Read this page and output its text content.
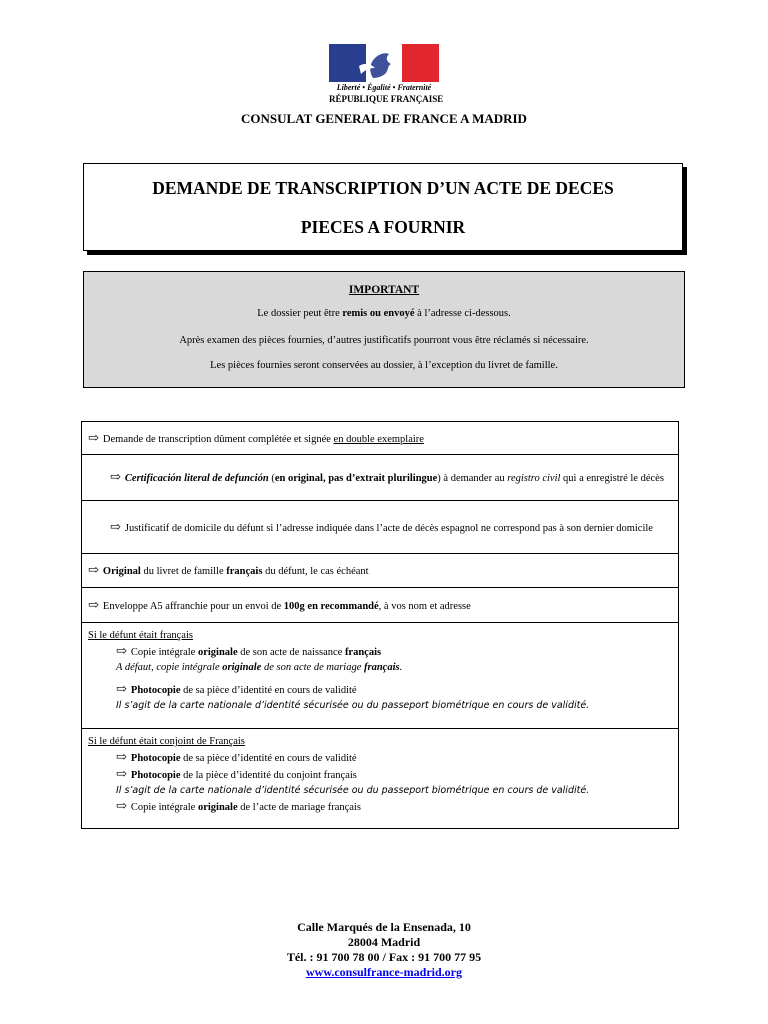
Liberté • Égalité • Fraternité
RÉPUBLIQUE FRANÇAISE
CONSULAT GENERAL DE FRANCE A MADRID
DEMANDE DE TRANSCRIPTION D’UN ACTE DE DECES
PIECES A FOURNIR
IMPORTANT
Le dossier peut être remis ou envoyé à l’adresse ci-dessous.
Après examen des pièces fournies, d’autres justificatifs pourront vous être réclamés si nécessaire.
Les pièces fournies seront conservées au dossier, à l’exception du livret de famille.
⇨ Demande de transcription dûment complétée et signée en double exemplaire
⇨ Certificación literal de defunción (en original, pas d’extrait plurilingue) à demander au registro civil qui a enregistré le décès
⇨ Justificatif de domicile du défunt si l’adresse indiquée dans l’acte de décès espagnol ne correspond pas à son dernier domicile
⇨ Original du livret de famille français du défunt, le cas échéant
⇨ Enveloppe A5 affranchie pour un envoi de 100g en recommandé, à vos nom et adresse

Si le défunt était français
⇨ Copie intégrale originale de son acte de naissance français
A défaut, copie intégrale originale de son acte de mariage français.
⇨ Photocopie de sa pièce d’identité en cours de validité
Il s’agit de la carte nationale d’identité sécurisée ou du passeport biométrique en cours de validité.

Si le défunt était conjoint de Français
⇨ Photocopie de sa pièce d’identité en cours de validité
⇨ Photocopie de la pièce d’identité du conjoint français
Il s’agit de la carte nationale d’identité sécurisée ou du passeport biométrique en cours de validité.
⇨ Copie intégrale originale de l’acte de mariage français
Calle Marqués de la Ensenada, 10
28004 Madrid
Tél. : 91 700 78 00 / Fax : 91 700 77 95
www.consulfrance-madrid.org
